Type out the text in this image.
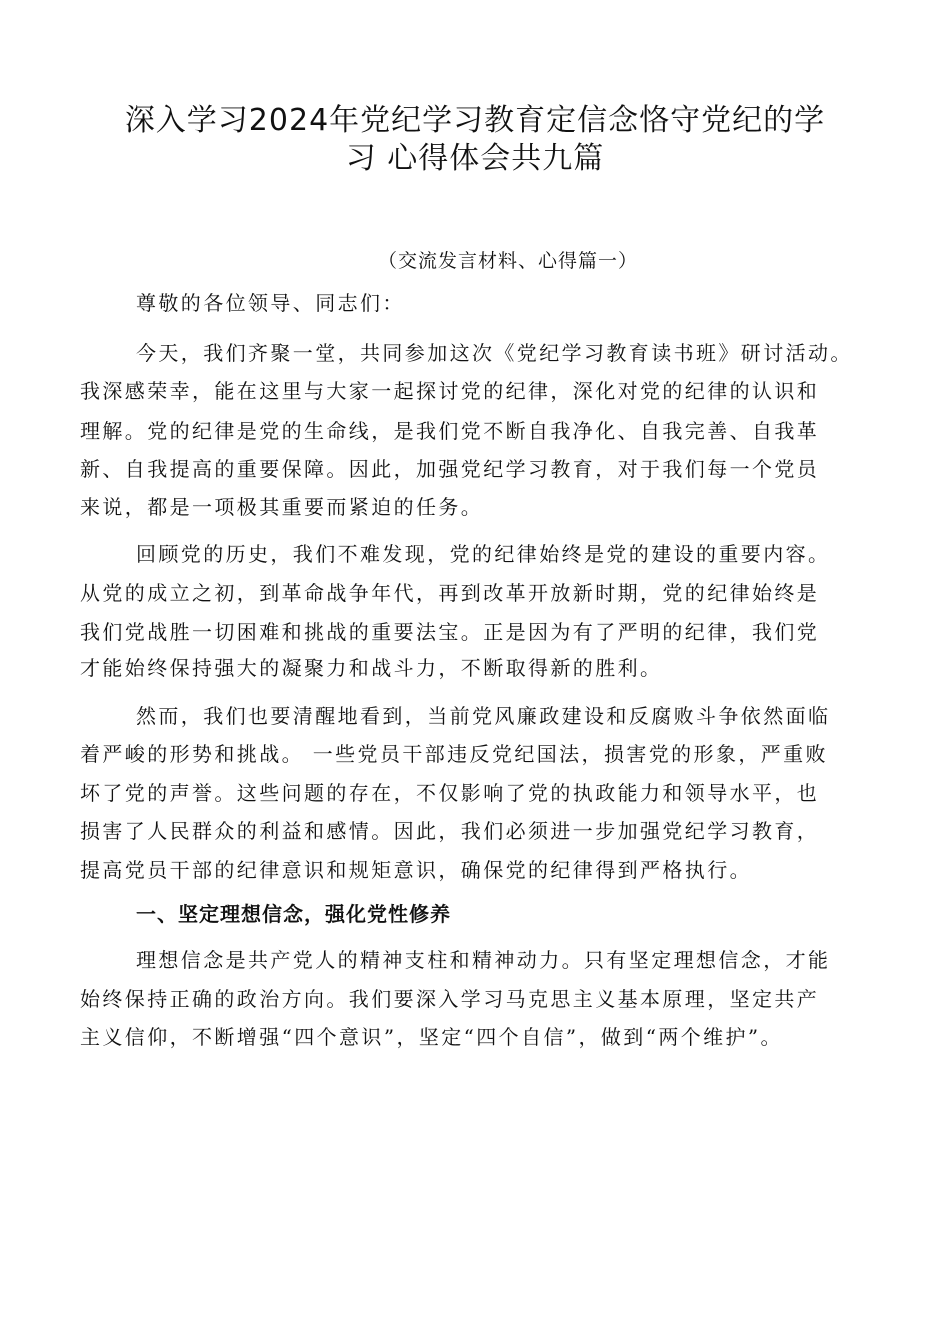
深入学习2024年党纪学习教育定信念恪守党纪的学
习 心得体会共九篇
（交流发言材料、心得篇一）
尊敬的各位领导、同志们：
今天，我们齐聚一堂，共同参加这次《党纪学习教育读书班》研讨活动。
我深感荣幸，能在这里与大家一起探讨党的纪律，深化对党的纪律的认识和
理解。党的纪律是党的生命线，是我们党不断自我净化、自我完善、自我革
新、自我提高的重要保障。因此，加强党纪学习教育，对于我们每一个党员
来说，都是一项极其重要而紧迫的任务。
回顾党的历史，我们不难发现，党的纪律始终是党的建设的重要内容。
从党的成立之初，到革命战争年代，再到改革开放新时期，党的纪律始终是
我们党战胜一切困难和挑战的重要法宝。正是因为有了严明的纪律，我们党
才能始终保持强大的凝聚力和战斗力，不断取得新的胜利。
然而，我们也要清醒地看到，当前党风廉政建设和反腐败斗争依然面临
着严峻的形势和挑战。 一些党员干部违反党纪国法，损害党的形象，严重败
坏了党的声誉。这些问题的存在，不仅影响了党的执政能力和领导水平，也
损害了人民群众的利益和感情。因此，我们必须进一步加强党纪学习教育，
提高党员干部的纪律意识和规矩意识，确保党的纪律得到严格执行。
一、坚定理想信念，强化党性修养
理想信念是共产党人的精神支柱和精神动力。只有坚定理想信念，才能
始终保持正确的政治方向。我们要深入学习马克思主义基本原理，坚定共产
主义信仰，不断增强“四个意识”，坚定“四个自信”，做到“两个维护”。
